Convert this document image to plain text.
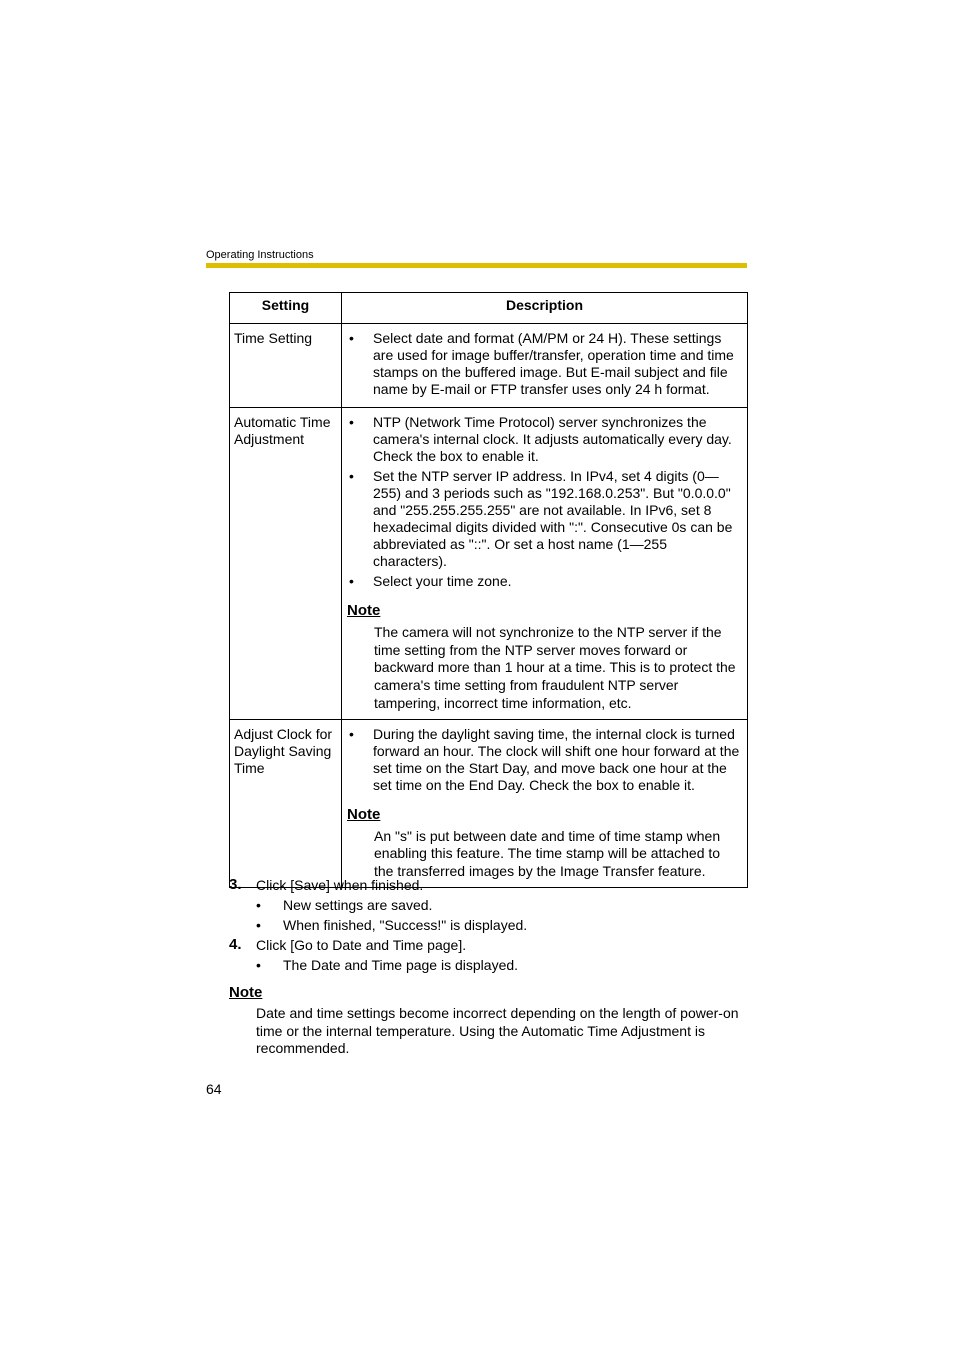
Operating Instructions
Setting	Description
Time Setting	• Select date and format (AM/PM or 24 H). These settings are used for image buffer/transfer, operation time and time stamps on the buffered image. But E-mail subject and file name by E-mail or FTP transfer uses only 24 h format.

Automatic Time Adjustment	• NTP (Network Time Protocol) server synchronizes the camera's internal clock. It adjusts automatically every day. Check the box to enable it.
• Set the NTP server IP address. In IPv4, set 4 digits (0—255) and 3 periods such as "192.168.0.253". But "0.0.0.0" and "255.255.255.255" are not available. In IPv6, set 8 hexadecimal digits divided with ":". Consecutive 0s can be abbreviated as "::". Or set a host name (1—255 characters).
• Select your time zone.
Note
The camera will not synchronize to the NTP server if the time setting from the NTP server moves forward or backward more than 1 hour at a time. This is to protect the camera's time setting from fraudulent NTP server tampering, incorrect time information, etc.

Adjust Clock for Daylight Saving Time	• During the daylight saving time, the internal clock is turned forward an hour. The clock will shift one hour forward at the set time on the Start Day, and move back one hour at the set time on the End Day. Check the box to enable it.
Note
An "s" is put between date and time of time stamp when enabling this feature. The time stamp will be attached to the transferred images by the Image Transfer feature.
3. Click [Save] when finished.
• New settings are saved.
• When finished, "Success!" is displayed.
4. Click [Go to Date and Time page].
• The Date and Time page is displayed.
Note
Date and time settings become incorrect depending on the length of power-on time or the internal temperature. Using the Automatic Time Adjustment is recommended.
64
